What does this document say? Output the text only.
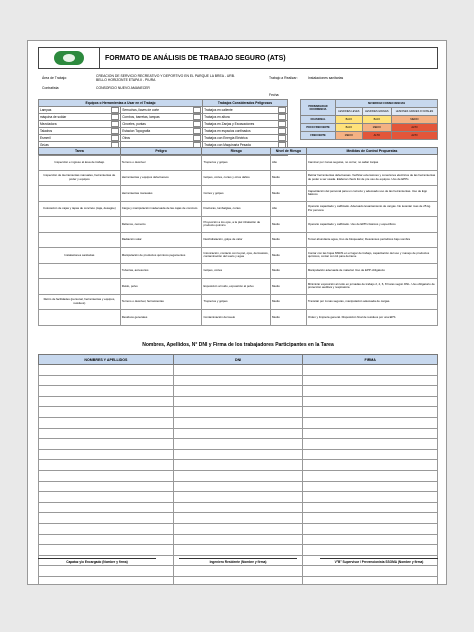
FORMATO DE ANÁLISIS DE TRABAJO SEGURO (ATS)
Área de Trabajo:	CREACION DE SERVICIO RECREATIVO Y DEPORTIVO EN EL PARQUE LA BREA - URB.
BELLO HORIZONTE ETAPA II - PIURA	Trabajo a Realizar:	Instalaciones sanitarias
Contratista:	CONSORCIO NUEVO AMANECER
Fecha:
Equipos o Herramientas a Usar en el Trabajo		Trabajos Considerados Peligrosos

Lampas	Serruchos, llaves de corte	Trabajos en caliente

máquina de soldar	Combos, barretas, lampas	Trabajos en altura

Mezcladora	Cinceles, puntas	Trabajos en Zanjas y Excavaciones

Taladros	Estacion Topografia	Trabajos en espacios confinados

Esmeril	Otros	Trabajos con Energía Eléctrica

Grúas		Trabajos con Maquinaria Pesada

PROBABILIDAD OCURRENCIA	SEVERIDAD CONSECUENCIAS		
	LESIONES LEVES	LESIONES GRAVES	LESIONES GRAVES O FATALES
OCASIONAL	BAJO	BAJO	MEDIO
POCO FRECUENTE	BAJO	MEDIO	ALTO
FRECUENTE	MEDIO	ALTO	ALTO
Tarea	Peligro	Riesgo	Nivel de Riesgo	Medidas de Control Propuestas
Inspección e ingreso al área de trabajo	Terreno o desnivel	Tropiezos y golpes	Alto	Caminar por zonas seguras, no correr, no saltar zanjas
Inspección de Herramientas manuales, herramientas de poder y equipos	Herramientas y equipos defectuosos	Golpes, cortes, cortes y otros daños	Medio	Retirar herramientas defectuosas. Verificar extensiones y conectores eléctricos de las herramientas de poder a ser usada. Elaborar check list de pre uso de equipos. Uso de EPPs
	Herramientas manuales	Cortes y golpes	Medio	Capacitación del personal para un correcto y adecuado uso de las herramientas. Uso de Epp básicos
Colocación de cajas y tapas de concreto (caja, desagüe)	Carga y manipulación inadecuada de las cajas de concreto	Fracturas, lumbalgias, cortes	Alto	Operario capacitado y calificado. Adecuado levantamiento de cargas. No levantar mas de 25 kg. Por persona
	Rellenos, cemento	Proyección a los ojos, a la piel inhalación de producto químico	Medio	Operario capacitado y calificado. Uso de EPPs básicos y especificos
	Radiación solar	Deshidratación, golpe de calor	Medio	Tomar abundante agua, Uso de bloqueador, Descansos periódicos bajo sombra
Instalaciones sanitarias	Manipulación de productos químicos pegamentos	Intoxicación, contacto con la piel, ojos, dermatosis, contaminación del suelo y agua	Medio	Contar con las hojas MSDS en el lugar de trabajo, capacitación del uso y manejo de productos químicos, contar con kit para derrame
	Tuberías, accesorios	Golpes, cortes	Medio	Manipulación adecuada de material. Uso de EPP obligatorio
	Ruido, polvo	Exposición al ruido, exposición al polvo	Medio	Minimizar exposición al ruido en jornadas de trabajo 2, 4, 6, 8 horas según DNL. Uso obligatorio de protección auditiva y respiratoria
Retiro de facilidades (personal, herramientas y equipos, residuos)	Terreno o desnivel, herramientas	Tropiezos y golpes	Medio	Transitar por zonas seguras, manipulación adecuada de cargas.
	Residuos generales	Contaminación del suelo	Medio	Orden y limpieza general. Disposición final de residuos por una EPS
Nombres, Apellidos, N° DNI y Firma de los trabajadores Participantes en la Tarea
NOMBRES Y APELLIDOS	DNI	FIRMA

Capataz y/o Encargado (Nombre y firma)	Ingeniero Residente (Nombre y firma)	V°B° Supervisor / Prevencionista SSOMA (Nombre y firma)
